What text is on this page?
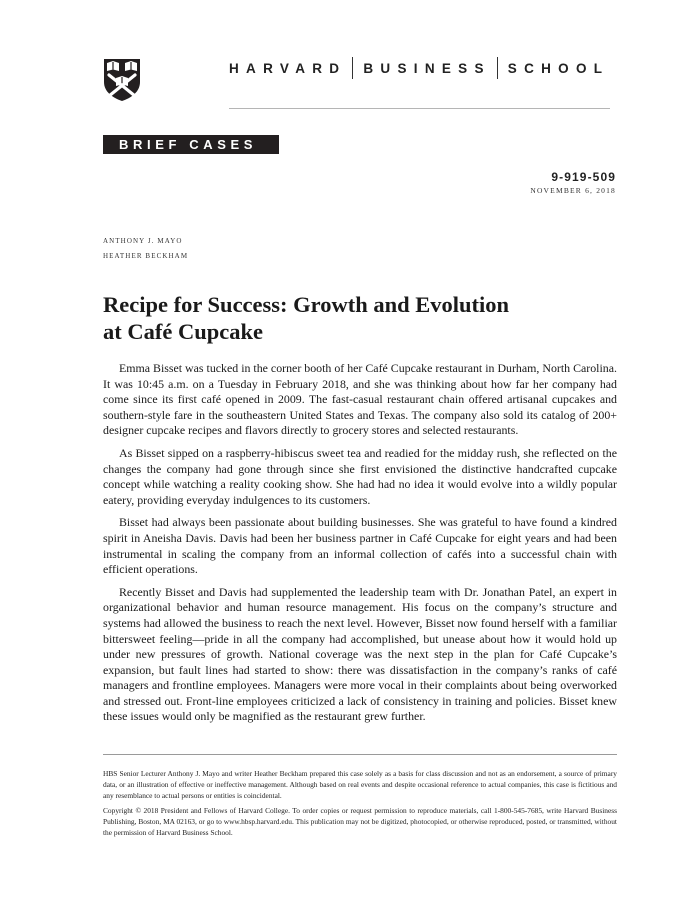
HARVARD BUSINESS SCHOOL
BRIEF CASES
9-919-509
NOVEMBER 6, 2018
ANTHONY J. MAYO
HEATHER BECKHAM
Recipe for Success: Growth and Evolution
at Café Cupcake

Emma Bisset was tucked in the corner booth of her Café Cupcake restaurant in Durham, North Carolina. It was 10:45 a.m. on a Tuesday in February 2018, and she was thinking about how far her company had come since its first café opened in 2009. The fast-casual restaurant chain offered artisanal cupcakes and southern-style fare in the southeastern United States and Texas. The company also sold its catalog of 200+ designer cupcake recipes and flavors directly to grocery stores and selected restaurants.

As Bisset sipped on a raspberry-hibiscus sweet tea and readied for the midday rush, she reflected on the changes the company had gone through since she first envisioned the distinctive handcrafted cupcake concept while watching a reality cooking show. She had had no idea it would evolve into a wildly popular eatery, providing everyday indulgences to its customers.

Bisset had always been passionate about building businesses. She was grateful to have found a kindred spirit in Aneisha Davis. Davis had been her business partner in Café Cupcake for eight years and had been instrumental in scaling the company from an informal collection of cafés into a successful chain with efficient operations.

Recently Bisset and Davis had supplemented the leadership team with Dr. Jonathan Patel, an expert in organizational behavior and human resource management. His focus on the company’s structure and systems had allowed the business to reach the next level. However, Bisset now found herself with a familiar bittersweet feeling—pride in all the company had accomplished, but unease about how it would hold up under new pressures of growth. National coverage was the next step in the plan for Café Cupcake’s expansion, but fault lines had started to show: there was dissatisfaction in the company’s ranks of café managers and frontline employees. Managers were more vocal in their complaints about being overworked and stressed out. Front-line employees criticized a lack of consistency in training and policies. Bisset knew these issues would only be magnified as the restaurant grew further.

HBS Senior Lecturer Anthony J. Mayo and writer Heather Beckham prepared this case solely as a basis for class discussion and not as an endorsement, a source of primary data, or an illustration of effective or ineffective management. Although based on real events and despite occasional reference to actual companies, this case is fictitious and any resemblance to actual persons or entities is coincidental.

Copyright © 2018 President and Fellows of Harvard College. To order copies or request permission to reproduce materials, call 1-800-545-7685, write Harvard Business Publishing, Boston, MA 02163, or go to www.hbsp.harvard.edu. This publication may not be digitized, photocopied, or otherwise reproduced, posted, or transmitted, without the permission of Harvard Business School.
